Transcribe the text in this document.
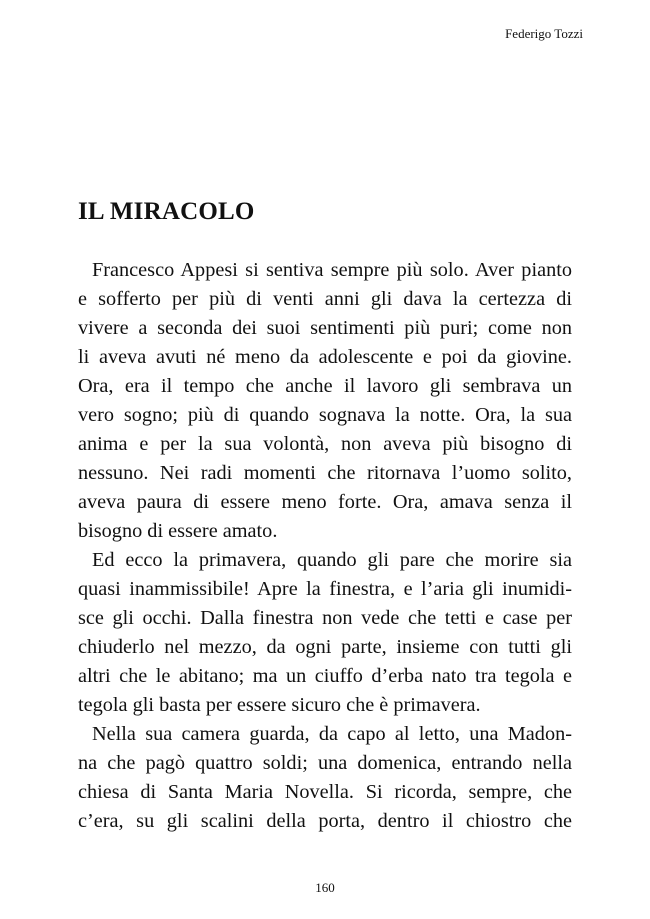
Federigo Tozzi
IL MIRACOLO
Francesco Appesi si sentiva sempre più solo. Aver pianto
e sofferto per più di venti anni gli dava la certezza di
vivere a seconda dei suoi sentimenti più puri; come non
li aveva avuti né meno da adolescente e poi da giovine.
Ora, era il tempo che anche il lavoro gli sembrava un
vero sogno; più di quando sognava la notte. Ora, la sua
anima e per la sua volontà, non aveva più bisogno di
nessuno. Nei radi momenti che ritornava l’uomo solito,
aveva paura di essere meno forte. Ora, amava senza il
bisogno di essere amato.
Ed ecco la primavera, quando gli pare che morire sia
quasi inammissibile! Apre la finestra, e l’aria gli inumidi-
sce gli occhi. Dalla finestra non vede che tetti e case per
chiuderlo nel mezzo, da ogni parte, insieme con tutti gli
altri che le abitano; ma un ciuffo d’erba nato tra tegola e
tegola gli basta per essere sicuro che è primavera.
Nella sua camera guarda, da capo al letto, una Madon-
na che pagò quattro soldi; una domenica, entrando nella
chiesa di Santa Maria Novella. Si ricorda, sempre, che
c’era, su gli scalini della porta, dentro il chiostro che
160
